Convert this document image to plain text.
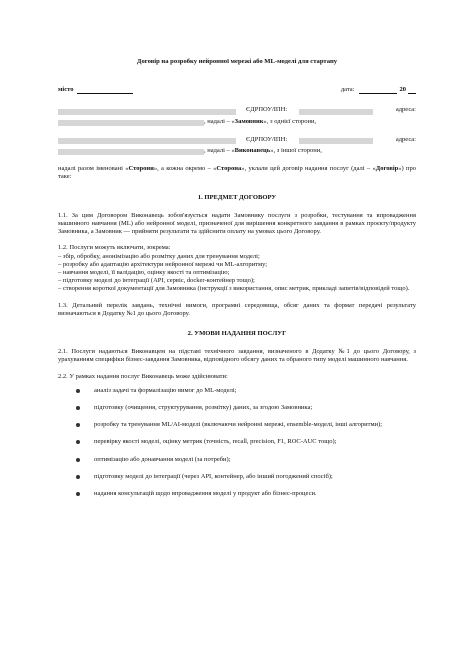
Договір на розробку нейронної мережі або ML-моделі для стартапу
місто	дата:	20
ЄДРПОУ/ІПН:	адреса:
, надалі – « Замовник », з однієї сторони,
ЄДРПОУ/ІПН:	адреса:
, надалі – « Виконавець », з іншої сторони,

надалі разом іменовані «Сторони», а кожна окремо – «Сторона», уклали цей договір надання послуг (далі – «Договір») про таке:

1. ПРЕДМЕТ ДОГОВОРУ

1.1. За цим Договором Виконавець зобов'язується надати Замовнику послуги з розробки, тестування та впровадження машинного навчання (ML) або нейронної моделі, призначеної для вирішення конкретного завдання в рамках проєкту/продукту Замовника, а Замовник — прийняти результати та здійснити оплату на умовах цього Договору.

1.2. Послуги можуть включати, зокрема:

– збір, обробку, анонімізацію або розмітку даних для тренування моделі;

– розробку або адаптацію архітектури нейронної мережі чи ML-алгоритму;

– навчання моделі, її валідацію, оцінку якості та оптимізацію;

– підготовку моделі до інтеграції (API, сервіс, docker-контейнер тощо);

– створення короткої документації для Замовника (інструкції з використання, опис метрик, прикладі запитів/відповідей тощо).

1.3. Детальний перелік завдань, технічні вимоги, програмні середовища, обсяг даних та формат передачі результату визначаються в Додатку №1 до цього Договору.

2. УМОВИ НАДАННЯ ПОСЛУГ

2.1. Послуги надаються Виконавцем на підставі технічного завдання, визначеного в Додатку №1 до цього Договору, з урахуванням специфіки бізнес-завдання Замовника, відповідного обсягу даних та обраного типу моделі машинного навчання.

2.2. У рамках надання послуг Виконавець може здійснювати:

аналіз задачі та формалізацію вимог до ML-моделі;
підготовку (очищення, структурування, розмітку) даних, за згодою Замовника;
розробку та тренування ML/AI-моделі (включаючи нейронні мережі, ensemble-моделі, інші алгоритми);
перевірку якості моделі, оцінку метрик (точність, recall, precision, F1, ROC-AUC тощо);
оптимізацію або донавчання моделі (за потреби);
підготовку моделі до інтеграції (через API, контейнер, або інший погоджений спосіб);
надання консультацій щодо впровадження моделі у продукт або бізнес-процеси.
